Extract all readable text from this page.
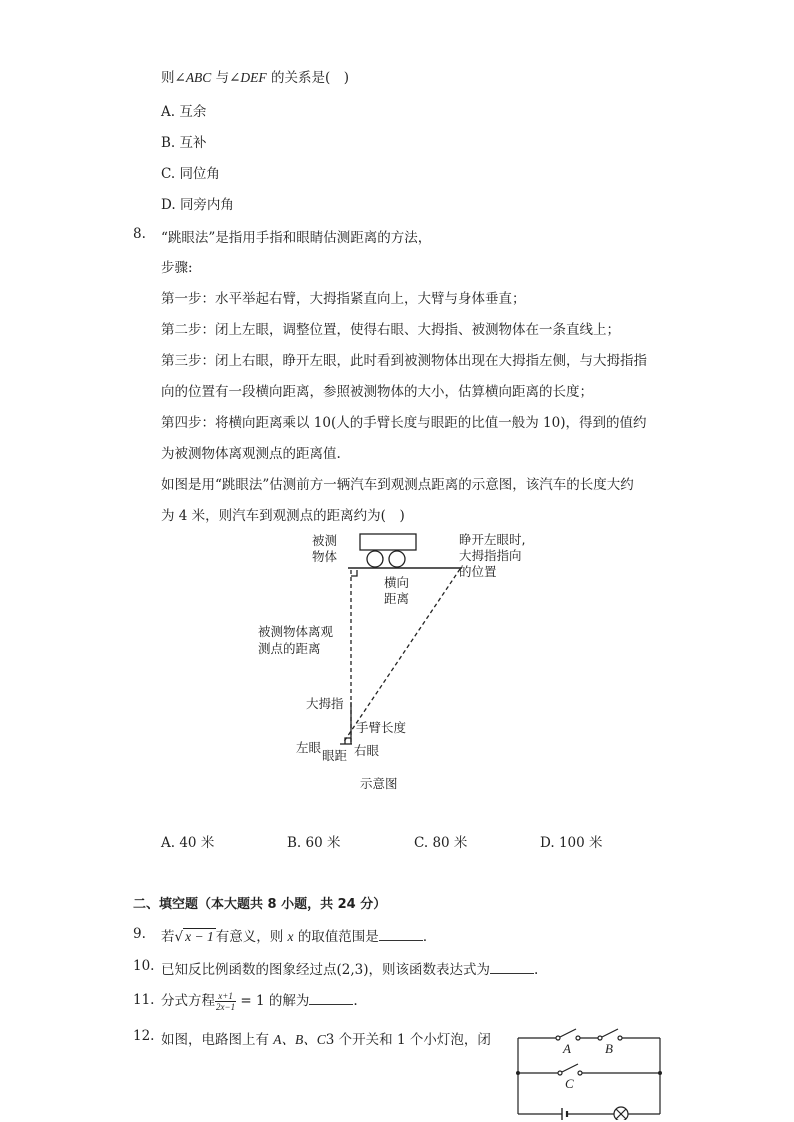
则∠ABC 与∠DEF 的关系是(　)
A. 互余
B. 互补
C. 同位角
D. 同旁内角
8. “跳眼法”是指用手指和眼睛估测距离的方法，
步骤:
第一步：水平举起右臂，大拇指紧直向上，大臂与身体垂直；
第二步：闭上左眼，调整位置，使得右眼、大拇指、被测物体在一条直线上；
第三步：闭上右眼，睁开左眼，此时看到被测物体出现在大拇指左侧，与大拇指指
向的位置有一段横向距离，参照被测物体的大小，估算横向距离的长度；
第四步：将横向距离乘以 10(人的手臂长度与眼距的比值一般为 10)，得到的值约
为被测物体离观测点的距离值.
如图是用“跳眼法”估测前方一辆汽车到观测点距离的示意图，该汽车的长度大约
为 4 米，则汽车到观测点的距离约为(　)
被测
物体
睁开左眼时,
大拇指指向
的位置
横向
距离
被测物体离观
测点的距离
大拇指
手臂长度
左眼	右眼
眼距
示意图
A. 40 米	B. 60 米	C. 80 米	D. 100 米
二、填空题（本大题共 8 小题，共 24 分）
9. 若√ x − 1 有意义，则 x 的取值范围是	．
10. 已知反比例函数的图象经过点(2,3)，则该函数表达式为	.
11. 分式方程 $\frac{x+1}{2x-1} = 1$ 的解为	.
12. 如图，电路图上有 A、B、C3 个开关和 1 个小灯泡，闭
A	B
C
